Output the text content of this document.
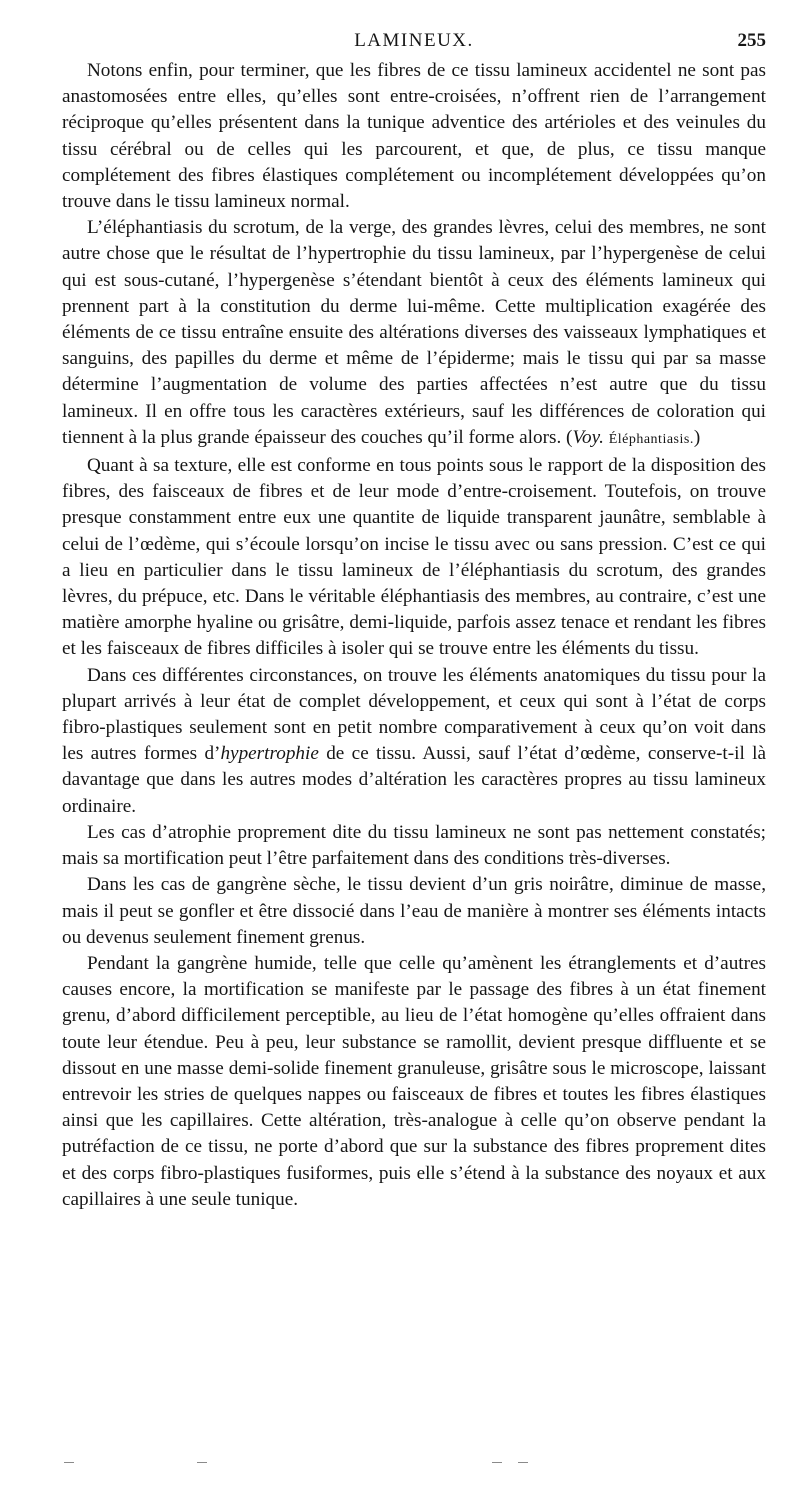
LAMINEUX.	255

Notons enfin, pour terminer, que les fibres de ce tissu lamineux accidentel ne sont pas anastomosées entre elles, qu’elles sont entre-croisées, n’offrent rien de l’arrangement réciproque qu’elles présentent dans la tunique adventice des artérioles et des veinules du tissu cérébral ou de celles qui les parcourent, et que, de plus, ce tissu manque complétement des fibres élastiques complétement ou incomplétement développées qu’on trouve dans le tissu lamineux normal.

L’éléphantiasis du scrotum, de la verge, des grandes lèvres, celui des membres, ne sont autre chose que le résultat de l’hypertrophie du tissu lamineux, par l’hypergenèse de celui qui est sous-cutané, l’hypergenèse s’étendant bientôt à ceux des éléments lamineux qui prennent part à la constitution du derme lui-même. Cette multiplication exagérée des éléments de ce tissu entraîne ensuite des altérations diverses des vaisseaux lymphatiques et sanguins, des papilles du derme et même de l’épiderme; mais le tissu qui par sa masse détermine l’augmentation de volume des parties affectées n’est autre que du tissu lamineux. Il en offre tous les caractères extérieurs, sauf les différences de coloration qui tiennent à la plus grande épaisseur des couches qu’il forme alors. (Voy. Éléphantiasis.)

Quant à sa texture, elle est conforme en tous points sous le rapport de la disposition des fibres, des faisceaux de fibres et de leur mode d’entre-croisement. Toutefois, on trouve presque constamment entre eux une quantite de liquide transparent jaunâtre, semblable à celui de l’œdème, qui s’écoule lorsqu’on incise le tissu avec ou sans pression. C’est ce qui a lieu en particulier dans le tissu lamineux de l’éléphantiasis du scrotum, des grandes lèvres, du prépuce, etc. Dans le véritable éléphantiasis des membres, au contraire, c’est une matière amorphe hyaline ou grisâtre, demi-liquide, parfois assez tenace et rendant les fibres et les faisceaux de fibres difficiles à isoler qui se trouve entre les éléments du tissu.

Dans ces différentes circonstances, on trouve les éléments anatomiques du tissu pour la plupart arrivés à leur état de complet développement, et ceux qui sont à l’état de corps fibro-plastiques seulement sont en petit nombre comparativement à ceux qu’on voit dans les autres formes d’hypertrophie de ce tissu. Aussi, sauf l’état d’œdème, conserve-t-il là davantage que dans les autres modes d’altération les caractères propres au tissu lamineux ordinaire.

Les cas d’atrophie proprement dite du tissu lamineux ne sont pas nettement constatés; mais sa mortification peut l’être parfaitement dans des conditions très-diverses.

Dans les cas de gangrène sèche, le tissu devient d’un gris noirâtre, diminue de masse, mais il peut se gonfler et être dissocié dans l’eau de manière à montrer ses éléments intacts ou devenus seulement finement grenus.

Pendant la gangrène humide, telle que celle qu’amènent les étranglements et d’autres causes encore, la mortification se manifeste par le passage des fibres à un état finement grenu, d’abord difficilement perceptible, au lieu de l’état homogène qu’elles offraient dans toute leur étendue. Peu à peu, leur substance se ramollit, devient presque diffluente et se dissout en une masse demi-solide finement granuleuse, grisâtre sous le microscope, laissant entrevoir les stries de quelques nappes ou faisceaux de fibres et toutes les fibres élastiques ainsi que les capillaires. Cette altération, très-analogue à celle qu’on observe pendant la putréfaction de ce tissu, ne porte d’abord que sur la substance des fibres proprement dites et des corps fibro-plastiques fusiformes, puis elle s’étend à la substance des noyaux et aux capillaires à une seule tunique.
